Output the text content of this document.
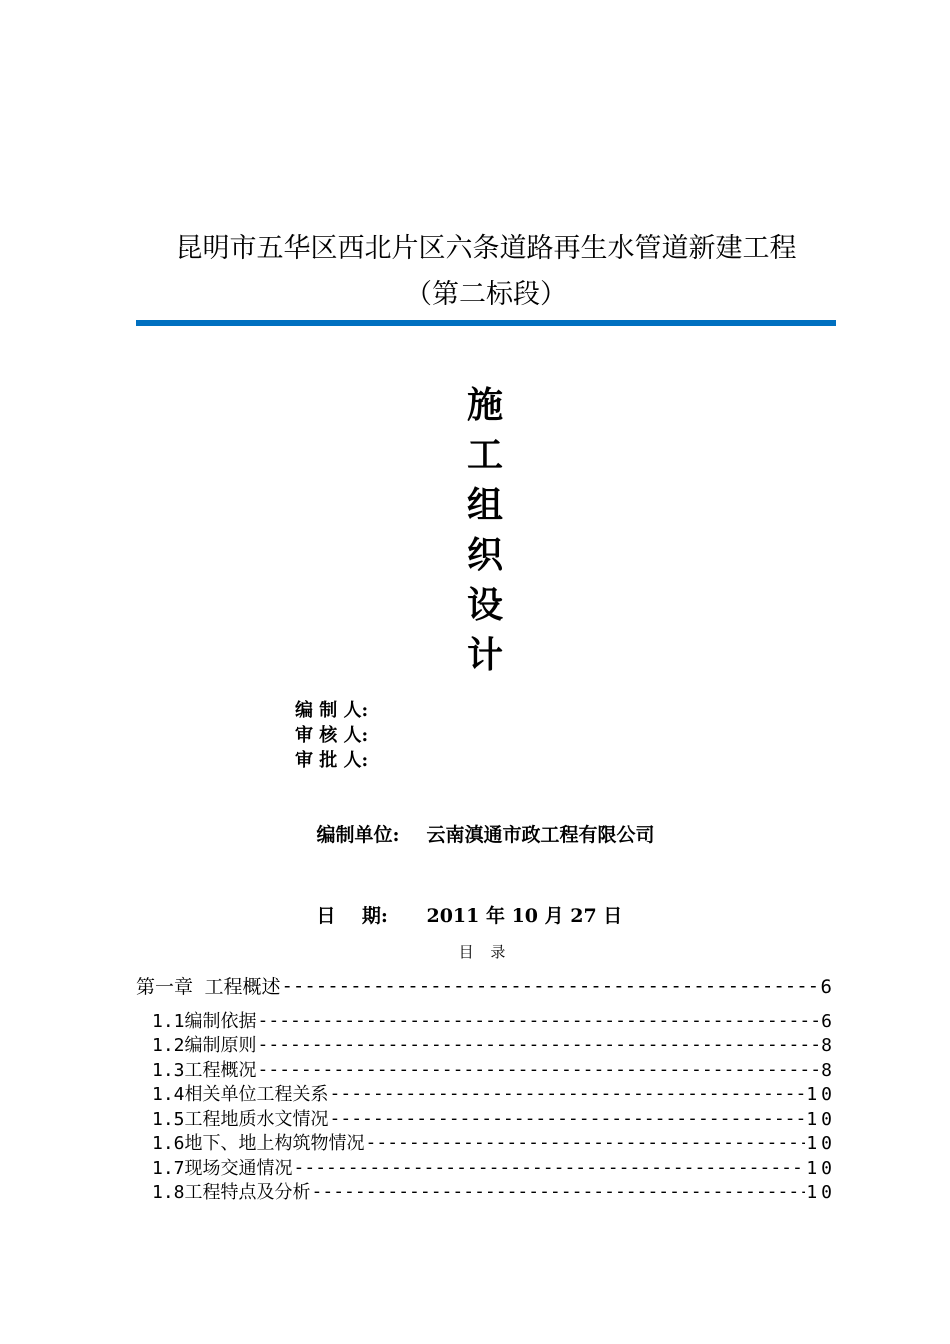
昆明市五华区西北片区六条道路再生水管道新建工程
（第二标段）
施
工
组
织
设
计
编 制 人:
审 核 人:
审 批 人:

编制单位: 云南滇通市政工程有限公司

日    期: 2011 年 10 月 27 日

目 录
第一章 工程概述 -----	6
1.1编制依据 -----	6
1.2编制原则 -----	8
1.3工程概况 -----	8
1.4相关单位工程关系 -----	10
1.5工程地质水文情况 -----	10
1.6地下、地上构筑物情况 -----	10
1.7现场交通情况 -----	10
1.8工程特点及分析 -----	10
